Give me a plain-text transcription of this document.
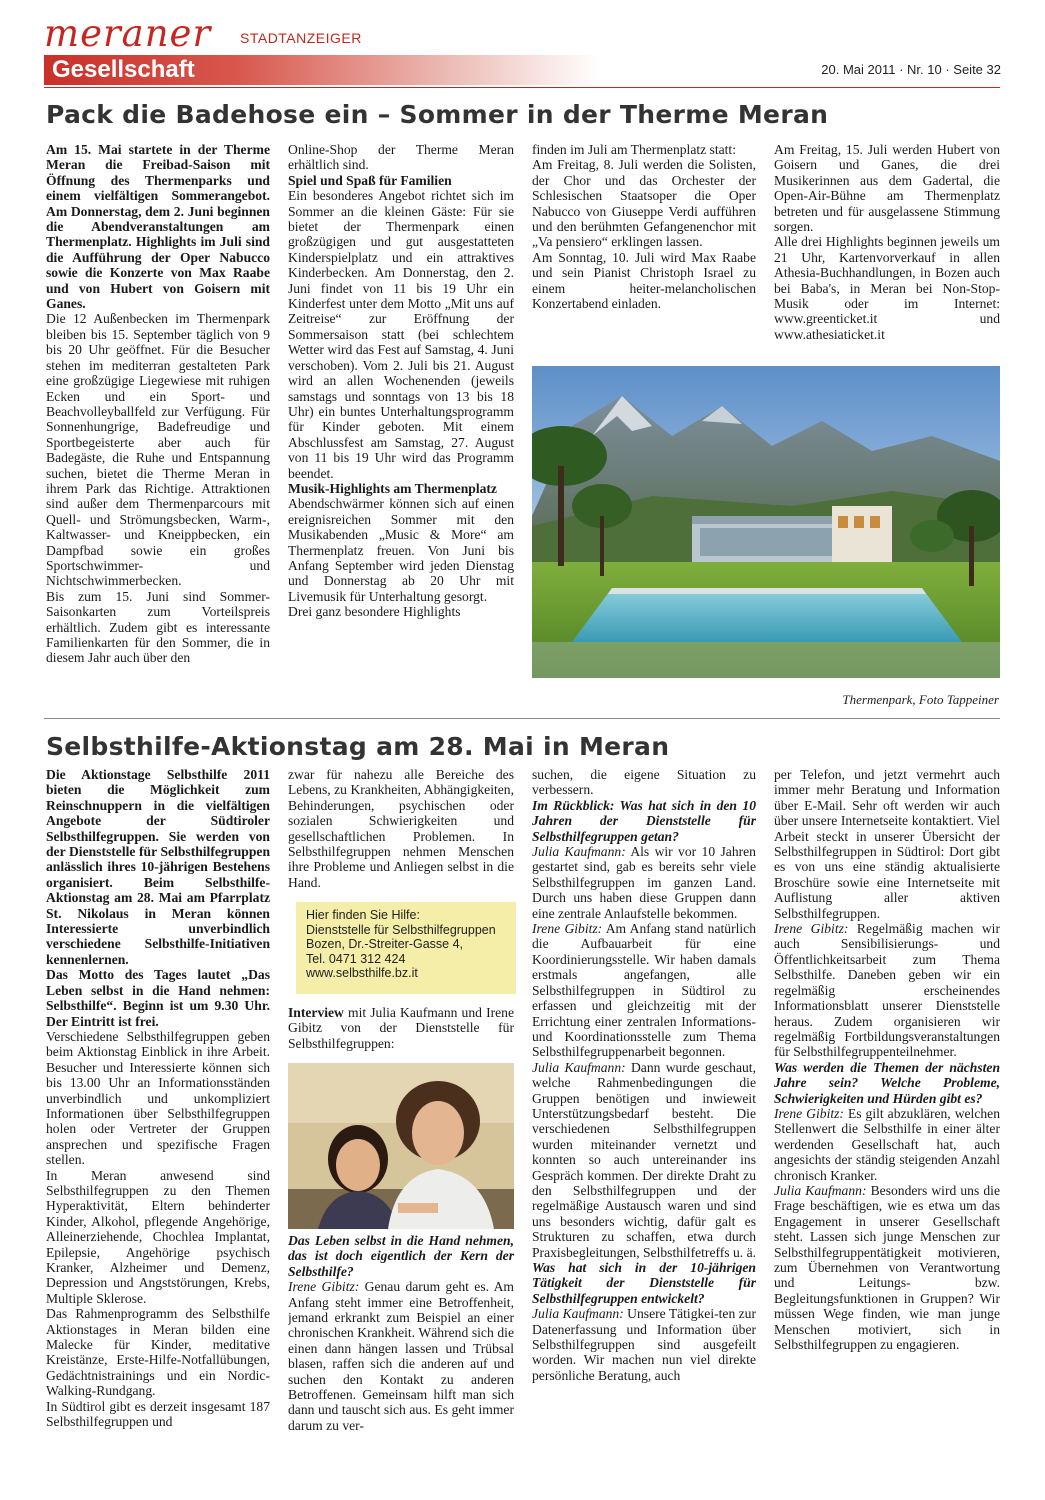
meraner STADTANZEIGER
Gesellschaft	20. Mai 2011 · Nr. 10 · Seite 32
Pack die Badehose ein – Sommer in der Therme Meran

Am 15. Mai startete in der Therme Meran die Freibad-Saison mit Öffnung des Thermenparks und einem vielfältigen Sommerangebot. Am Donnerstag, dem 2. Juni beginnen die Abendveranstaltungen am Thermenplatz. Highlights im Juli sind die Aufführung der Oper Nabucco sowie die Konzerte von Max Raabe und von Hubert von Goisern mit Ganes.

Die 12 Außenbecken im Thermenpark bleiben bis 15. September täglich von 9 bis 20 Uhr geöffnet. Für die Besucher stehen im mediterran gestalteten Park eine großzügige Liegewiese mit ruhigen Ecken und ein Sport- und Beachvolleyballfeld zur Verfügung. Für Sonnenhungrige, Badefreudige und Sportbegeisterte aber auch für Badegäste, die Ruhe und Entspannung suchen, bietet die Therme Meran in ihrem Park das Richtige. Attraktionen sind außer dem Thermenparcours mit Quell- und Strömungsbecken, Warm-, Kaltwasser- und Kneippbecken, ein Dampfbad sowie ein großes Sportschwimmer- und Nichtschwimmerbecken.

Bis zum 15. Juni sind Sommer-Saisonkarten zum Vorteilspreis erhältlich. Zudem gibt es interessante Familienkarten für den Sommer, die in diesem Jahr auch über den

Online-Shop der Therme Meran erhältlich sind.

Spiel und Spaß für Familien

Ein besonderes Angebot richtet sich im Sommer an die kleinen Gäste: Für sie bietet der Thermenpark einen großzügigen und gut ausgestatteten Kinderspielplatz und ein attraktives Kinderbecken. Am Donnerstag, den 2. Juni findet von 11 bis 19 Uhr ein Kinderfest unter dem Motto „Mit uns auf Zeitreise“ zur Eröffnung der Sommersaison statt (bei schlechtem Wetter wird das Fest auf Samstag, 4. Juni verschoben). Vom 2. Juli bis 21. August wird an allen Wochenenden (jeweils samstags und sonntags von 13 bis 18 Uhr) ein buntes Unterhaltungsprogramm für Kinder geboten. Mit einem Abschlussfest am Samstag, 27. August von 11 bis 19 Uhr wird das Programm beendet.

Musik-Highlights am Thermenplatz

Abendschwärmer können sich auf einen ereignisreichen Sommer mit den Musikabenden „Music & More“ am Thermenplatz freuen. Von Juni bis Anfang September wird jeden Dienstag und Donnerstag ab 20 Uhr mit Livemusik für Unterhaltung gesorgt.

Drei ganz besondere Highlights

finden im Juli am Thermenplatz statt:

Am Freitag, 8. Juli werden die Solisten, der Chor und das Orchester der Schlesischen Staatsoper die Oper Nabucco von Giuseppe Verdi aufführen und den berühmten Gefangenenchor mit „Va pensiero“ erklingen lassen.

Am Sonntag, 10. Juli wird Max Raabe und sein Pianist Christoph Israel zu einem heiter-melancholischen Konzertabend einladen.

Am Freitag, 15. Juli werden Hubert von Goisern und Ganes, die drei Musikerinnen aus dem Gadertal, die Open-Air-Bühne am Thermenplatz betreten und für ausgelassene Stimmung sorgen.

Alle drei Highlights beginnen jeweils um 21 Uhr, Kartenvorverkauf in allen Athesia-Buchhandlungen, in Bozen auch bei Baba's, in Meran bei Non-Stop-Musik oder im Internet: www.greenticket.it und www.athesiaticket.it

Thermenpark, Foto Tappeiner
Selbsthilfe-Aktionstag am 28. Mai in Meran

Die Aktionstage Selbsthilfe 2011 bieten die Möglichkeit zum Reinschnuppern in die vielfältigen Angebote der Südtiroler Selbsthilfegruppen. Sie werden von der Dienststelle für Selbsthilfegruppen anlässlich ihres 10-jährigen Bestehens organisiert. Beim Selbsthilfe-Aktionstag am 28. Mai am Pfarrplatz St. Nikolaus in Meran können Interessierte unverbindlich verschiedene Selbsthilfe-Initiativen kennenlernen.

Das Motto des Tages lautet „Das Leben selbst in die Hand nehmen: Selbsthilfe“. Beginn ist um 9.30 Uhr. Der Eintritt ist frei.

Verschiedene Selbsthilfegruppen geben beim Aktionstag Einblick in ihre Arbeit. Besucher und Interessierte können sich bis 13.00 Uhr an Informationsständen unverbindlich und unkompliziert Informationen über Selbsthilfegruppen holen oder Vertreter der Gruppen ansprechen und spezifische Fragen stellen.

In Meran anwesend sind Selbsthilfegruppen zu den Themen Hyperaktivität, Eltern behinderter Kinder, Alkohol, pflegende Angehörige, Alleinerziehende, Chochlea Implantat, Epilepsie, Angehörige psychisch Kranker, Alzheimer und Demenz, Depression und Angststörungen, Krebs, Multiple Sklerose.

Das Rahmenprogramm des Selbsthilfe Aktionstages in Meran bilden eine Malecke für Kinder, meditative Kreistänze, Erste-Hilfe-Notfallübungen, Gedächtnistrainings und ein Nordic-Walking-Rundgang.

In Südtirol gibt es derzeit insgesamt 187 Selbsthilfegruppen und

zwar für nahezu alle Bereiche des Lebens, zu Krankheiten, Abhängigkeiten, Behinderungen, psychischen oder sozialen Schwierigkeiten und gesellschaftlichen Problemen. In Selbsthilfegruppen nehmen Menschen ihre Probleme und Anliegen selbst in die Hand.

Hier finden Sie Hilfe:
Dienststelle für Selbsthilfegruppen
Bozen, Dr.-Streiter-Gasse 4,
Tel. 0471 312 424
www.selbsthilfe.bz.it

Interview mit Julia Kaufmann und Irene Gibitz von der Dienststelle für Selbsthilfegruppen:

Das Leben selbst in die Hand nehmen, das ist doch eigentlich der Kern der Selbsthilfe?

Irene Gibitz: Genau darum geht es. Am Anfang steht immer eine Betroffenheit, jemand erkrankt zum Beispiel an einer chronischen Krankheit. Während sich die einen dann hängen lassen und Trübsal blasen, raffen sich die anderen auf und suchen den Kontakt zu anderen Betroffenen. Gemeinsam hilft man sich dann und tauscht sich aus. Es geht immer darum zu ver-

suchen, die eigene Situation zu verbessern.

Im Rückblick: Was hat sich in den 10 Jahren der Dienststelle für Selbsthilfegruppen getan?

Julia Kaufmann: Als wir vor 10 Jahren gestartet sind, gab es bereits sehr viele Selbsthilfegruppen im ganzen Land. Durch uns haben diese Gruppen dann eine zentrale Anlaufstelle bekommen.

Irene Gibitz: Am Anfang stand natürlich die Aufbauarbeit für eine Koordinierungsstelle. Wir haben damals erstmals angefangen, alle Selbsthilfegruppen in Südtirol zu erfassen und gleichzeitig mit der Errichtung einer zentralen Informations- und Koordinationsstelle zum Thema Selbsthilfegruppenarbeit begonnen.

Julia Kaufmann: Dann wurde geschaut, welche Rahmenbedingungen die Gruppen benötigen und inwieweit Unterstützungsbedarf besteht. Die verschiedenen Selbsthilfegruppen wurden miteinander vernetzt und konnten so auch untereinander ins Gespräch kommen. Der direkte Draht zu den Selbsthilfegruppen und der regelmäßige Austausch waren und sind uns besonders wichtig, dafür galt es Strukturen zu schaffen, etwa durch Praxisbegleitungen, Selbsthilfetreffs u. ä.

Was hat sich in der 10-jährigen Tätigkeit der Dienststelle für Selbsthilfegruppen entwickelt?

Julia Kaufmann: Unsere Tätigkei-ten zur Datenerfassung und Information über Selbsthilfegruppen sind ausgefeilt worden. Wir machen nun viel direkte persönliche Beratung, auch

per Telefon, und jetzt vermehrt auch immer mehr Beratung und Information über E-Mail. Sehr oft werden wir auch über unsere Internetseite kontaktiert. Viel Arbeit steckt in unserer Übersicht der Selbsthilfegruppen in Südtirol: Dort gibt es von uns eine ständig aktualisierte Broschüre sowie eine Internetseite mit Auflistung aller aktiven Selbsthilfegruppen.

Irene Gibitz: Regelmäßig machen wir auch Sensibilisierungs- und Öffentlichkeitsarbeit zum Thema Selbsthilfe. Daneben geben wir ein regelmäßig erscheinendes Informationsblatt unserer Dienststelle heraus. Zudem organisieren wir regelmäßig Fortbildungsveranstaltungen für Selbsthilfegruppenteilnehmer.

Was werden die Themen der nächsten Jahre sein? Welche Probleme, Schwierigkeiten und Hürden gibt es?

Irene Gibitz: Es gilt abzuklären, welchen Stellenwert die Selbsthilfe in einer älter werdenden Gesellschaft hat, auch angesichts der ständig steigenden Anzahl chronisch Kranker.

Julia Kaufmann: Besonders wird uns die Frage beschäftigen, wie es etwa um das Engagement in unserer Gesellschaft steht. Lassen sich junge Menschen zur Selbsthilfegruppentätigkeit motivieren, zum Übernehmen von Verantwortung und Leitungs- bzw. Begleitungsfunktionen in Gruppen? Wir müssen Wege finden, wie man junge Menschen motiviert, sich in Selbsthilfegruppen zu engagieren.
